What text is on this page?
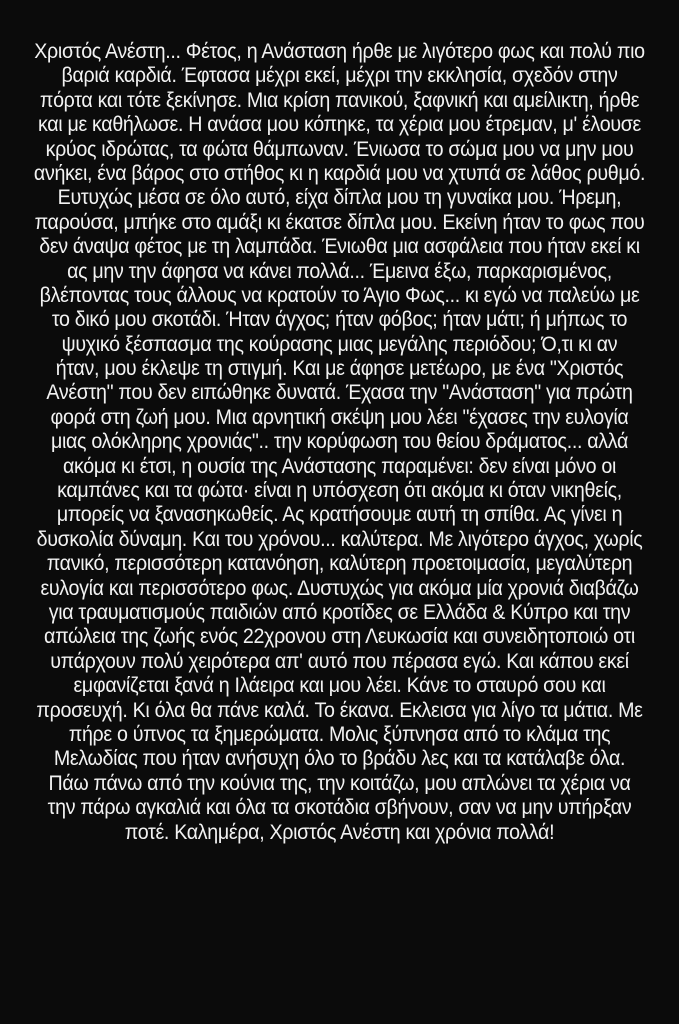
Χριστός Ανέστη... Φέτος, η Ανάσταση ήρθε με λιγότερο φως και πολύ πιο
βαριά καρδιά. Έφτασα μέχρι εκεί, μέχρι την εκκλησία, σχεδόν στην
πόρτα και τότε ξεκίνησε. Μια κρίση πανικού, ξαφνική και αμείλικτη, ήρθε
και με καθήλωσε. Η ανάσα μου κόπηκε, τα χέρια μου έτρεμαν, μ' έλουσε
κρύος ιδρώτας, τα φώτα θάμπωναν. Ένιωσα το σώμα μου να μην μου
ανήκει, ένα βάρος στο στήθος κι η καρδιά μου να χτυπά σε λάθος ρυθμό.
Ευτυχώς μέσα σε όλο αυτό, είχα δίπλα μου τη γυναίκα μου. Ήρεμη,
παρούσα, μπήκε στο αμάξι κι έκατσε δίπλα μου. Εκείνη ήταν το φως που
δεν άναψα φέτος με τη λαμπάδα. Ένιωθα μια ασφάλεια που ήταν εκεί κι
ας μην την άφησα να κάνει πολλά... Έμεινα έξω, παρκαρισμένος,
βλέποντας τους άλλους να κρατούν το Άγιο Φως... κι εγώ να παλεύω με
το δικό μου σκοτάδι. Ήταν άγχος; ήταν φόβος; ήταν μάτι; ή μήπως το
ψυχικό ξέσπασμα της κούρασης μιας μεγάλης περιόδου; Ό,τι κι αν
ήταν, μου έκλεψε τη στιγμή. Και με άφησε μετέωρο, με ένα "Χριστός
Ανέστη" που δεν ειπώθηκε δυνατά. Έχασα την "Ανάσταση" για πρώτη
φορά στη ζωή μου. Μια αρνητική σκέψη μου λέει "έχασες την ευλογία
μιας ολόκληρης χρονιάς".. την κορύφωση του θείου δράματος... αλλά
ακόμα κι έτσι, η ουσία της Ανάστασης παραμένει: δεν είναι μόνο οι
καμπάνες και τα φώτα· είναι η υπόσχεση ότι ακόμα κι όταν νικηθείς,
μπορείς να ξανασηκωθείς. Ας κρατήσουμε αυτή τη σπίθα. Ας γίνει η
δυσκολία δύναμη. Και του χρόνου... καλύτερα. Με λιγότερο άγχος, χωρίς
πανικό, περισσότερη κατανόηση, καλύτερη προετοιμασία, μεγαλύτερη
ευλογία και περισσότερο φως. Δυστυχώς για ακόμα μία χρονιά διαβάζω
για τραυματισμούς παιδιών από κροτίδες σε Ελλάδα & Κύπρο και την
απώλεια της ζωής ενός 22χρονου στη Λευκωσία και συνειδητοποιώ οτι
υπάρχουν πολύ χειρότερα απ' αυτό που πέρασα εγώ. Και κάπου εκεί
εμφανίζεται ξανά η Ιλάειρα και μου λέει. Κάνε το σταυρό σου και
προσευχή. Κι όλα θα πάνε καλά. Το έκανα. Εκλεισα για λίγο τα μάτια. Με
πήρε ο ύπνος τα ξημερώματα. Μολις ξύπνησα από το κλάμα της
Μελωδίας που ήταν ανήσυχη όλο το βράδυ λες και τα κατάλαβε όλα.
Πάω πάνω από την κούνια της, την κοιτάζω, μου απλώνει τα χέρια να
την πάρω αγκαλιά και όλα τα σκοτάδια σβήνουν, σαν να μην υπήρξαν
ποτέ. Καλημέρα, Χριστός Ανέστη και χρόνια πολλά!
